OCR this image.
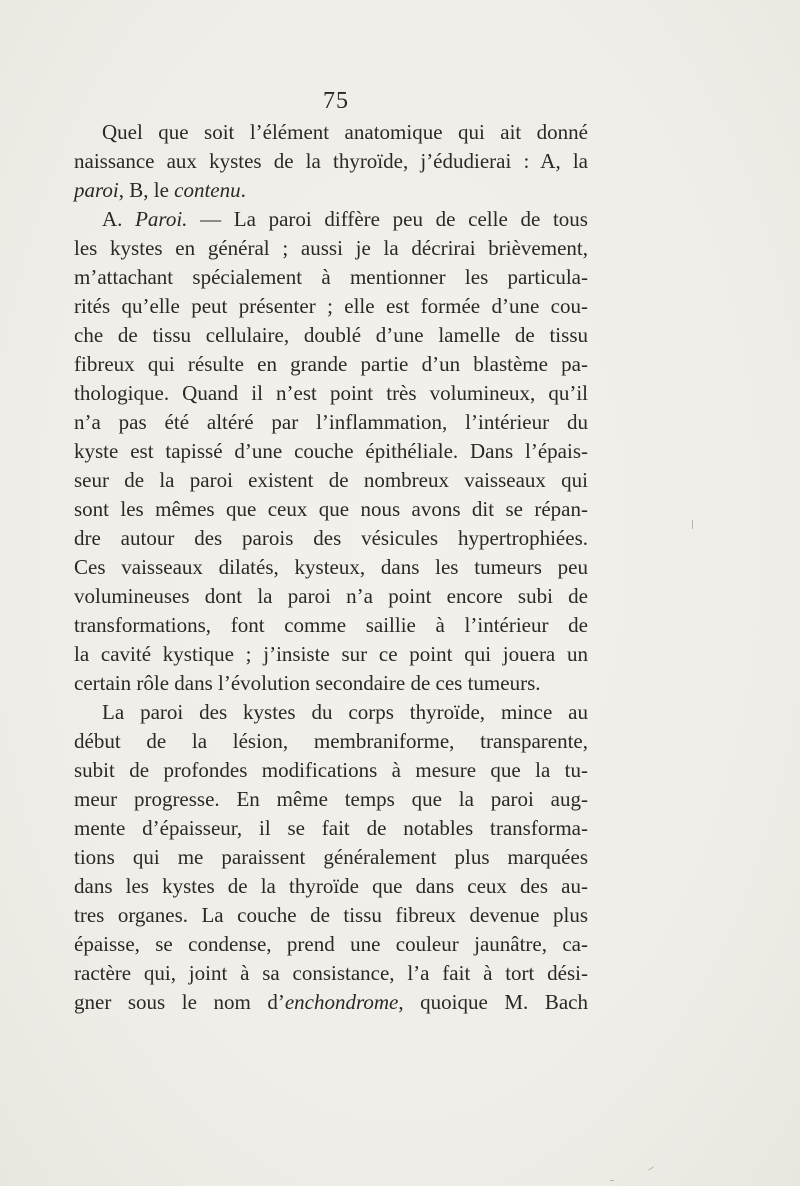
75
Quel que soit l’élément anatomique qui ait donné
naissance aux kystes de la thyroïde, j’édudierai : A, la
paroi, B, le contenu.
A. Paroi. — La paroi diffère peu de celle de tous
les kystes en général ; aussi je la décrirai brièvement,
m’attachant spécialement à mentionner les particula-
rités qu’elle peut présenter ; elle est formée d’une cou-
che de tissu cellulaire, doublé d’une lamelle de tissu
fibreux qui résulte en grande partie d’un blastème pa-
thologique. Quand il n’est point très volumineux, qu’il
n’a pas été altéré par l’inflammation, l’intérieur du
kyste est tapissé d’une couche épithéliale. Dans l’épais-
seur de la paroi existent de nombreux vaisseaux qui
sont les mêmes que ceux que nous avons dit se répan-
dre autour des parois des vésicules hypertrophiées.
Ces vaisseaux dilatés, kysteux, dans les tumeurs peu
volumineuses dont la paroi n’a point encore subi de
transformations, font comme saillie à l’intérieur de
la cavité kystique ; j’insiste sur ce point qui jouera un
certain rôle dans l’évolution secondaire de ces tumeurs.
La paroi des kystes du corps thyroïde, mince au
début de la lésion, membraniforme, transparente,
subit de profondes modifications à mesure que la tu-
meur progresse. En même temps que la paroi aug-
mente d’épaisseur, il se fait de notables transforma-
tions qui me paraissent généralement plus marquées
dans les kystes de la thyroïde que dans ceux des au-
tres organes. La couche de tissu fibreux devenue plus
épaisse, se condense, prend une couleur jaunâtre, ca-
ractère qui, joint à sa consistance, l’a fait à tort dési-
gner sous le nom d’enchondrome, quoique M. Bach
